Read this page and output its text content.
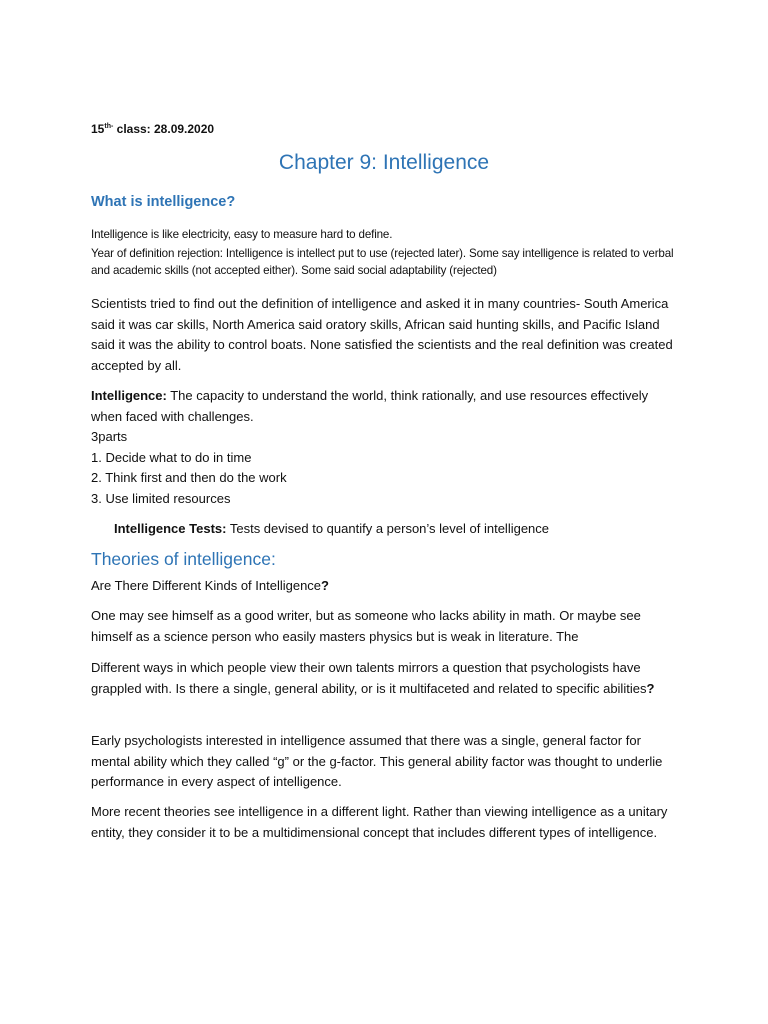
$15^{th-}$ class: 28.09.2020

Chapter 9: Intelligence
What is intelligence?

Intelligence is like electricity, easy to measure hard to define.

Year of definition rejection: Intelligence is intellect put to use (rejected later). Some say intelligence is related to verbal and academic skills (not accepted either). Some said social adaptability (rejected)

Scientists tried to find out the definition of intelligence and asked it in many countries- South America said it was car skills, North America said oratory skills, African said hunting skills, and Pacific Island said it was the ability to control boats. None satisfied the scientists and the real definition was created accepted by all.

Intelligence: The capacity to understand the world, think rationally, and use resources effectively when faced with challenges.
3parts
1. Decide what to do in time
2. Think first and then do the work
3. Use limited resources

Intelligence Tests: Tests devised to quantify a person’s level of intelligence

Theories of intelligence:

Are There Different Kinds of Intelligence?

One may see himself as a good writer, but as someone who lacks ability in math. Or maybe see himself as a science person who easily masters physics but is weak in literature. The

Different ways in which people view their own talents mirrors a question that psychologists have grappled with. Is there a single, general ability, or is it multifaceted and related to specific abilities?

Early psychologists interested in intelligence assumed that there was a single, general factor for mental ability which they called “g” or the g-factor. This general ability factor was thought to underlie performance in every aspect of intelligence.

More recent theories see intelligence in a different light. Rather than viewing intelligence as a unitary entity, they consider it to be a multidimensional concept that includes different types of intelligence.
